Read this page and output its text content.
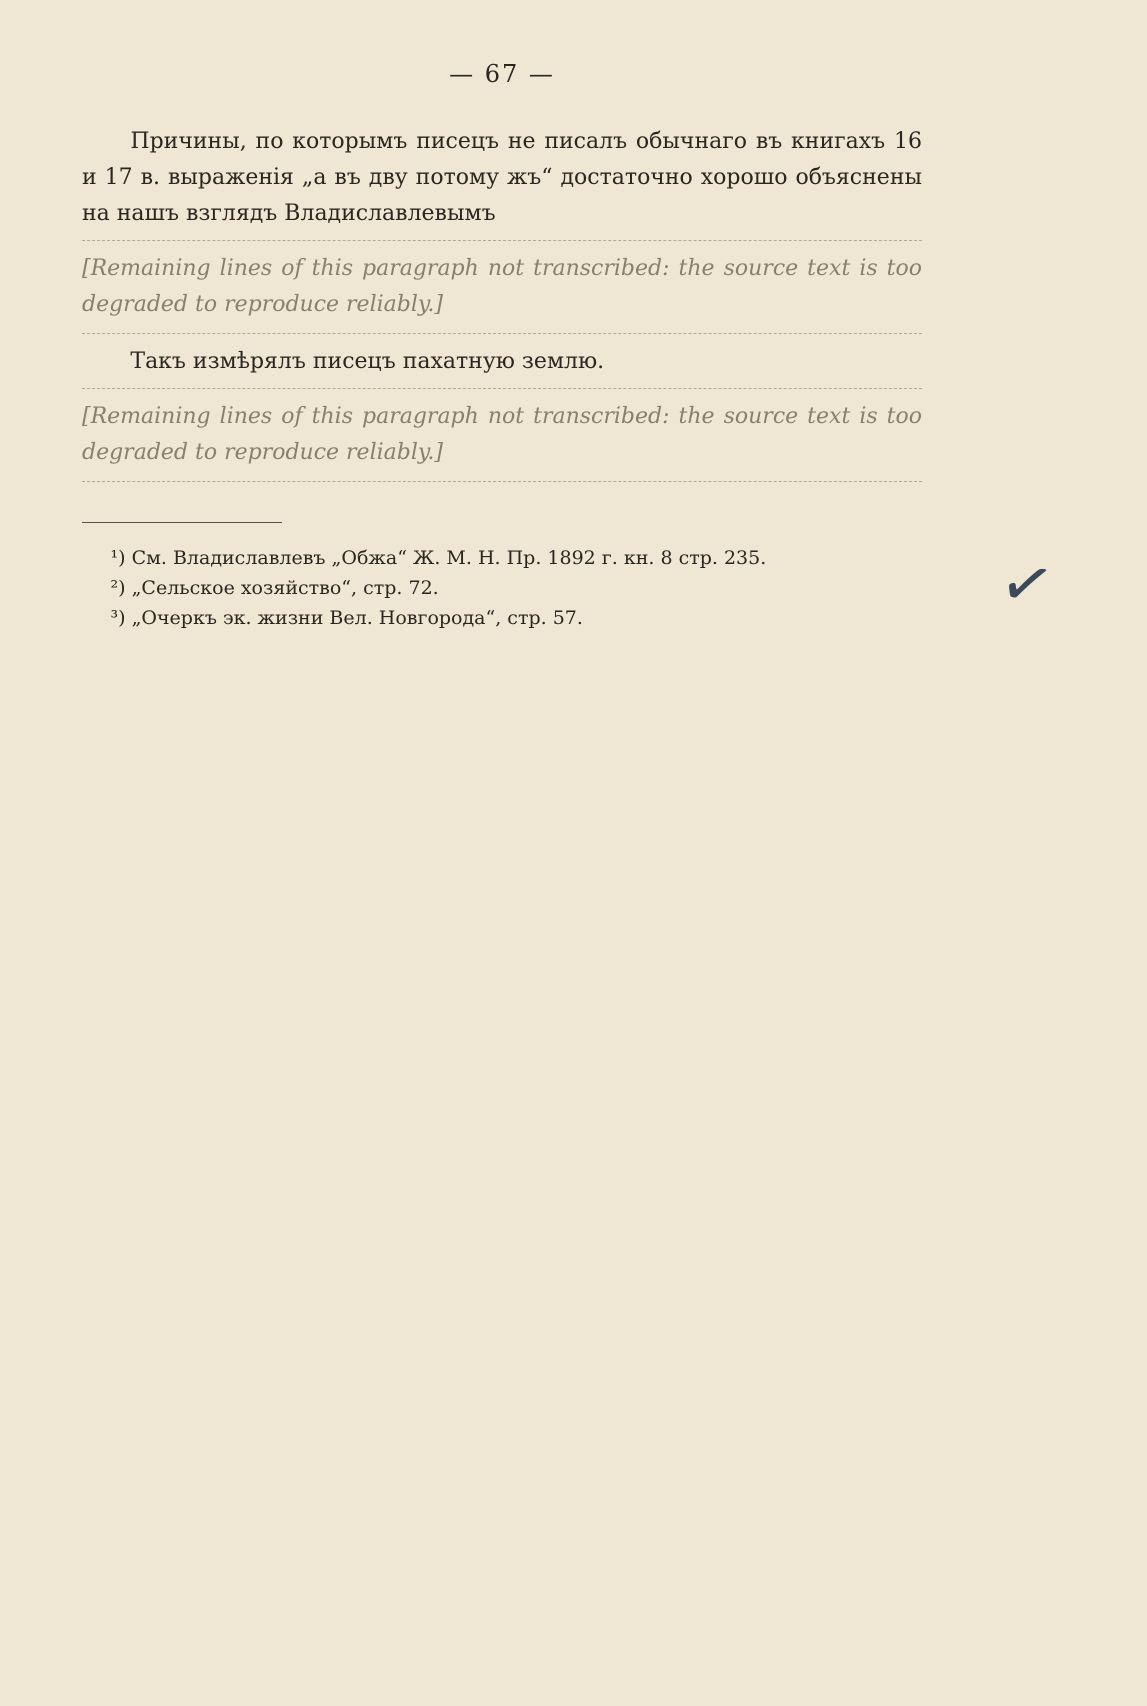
— 67 —

Причины, по которымъ писецъ не писалъ обычнаго въ книгахъ 16 и 17 в. выраженія „а въ дву потому жъ“ достаточно хорошо объяснены на нашъ взглядъ Владиславлевымъ
[Remaining lines of this paragraph not transcribed: the source text is too degraded to reproduce reliably.]

Такъ измѣрялъ писецъ пахатную землю.
[Remaining lines of this paragraph not transcribed: the source text is too degraded to reproduce reliably.]

¹) См. Владиславлевъ „Обжа“ Ж. М. Н. Пр. 1892 г. кн. 8 стр. 235.

²) „Сельское хозяйство“, стр. 72.

³) „Очеркъ эк. жизни Вел. Новгорода“, стр. 57.	✓
